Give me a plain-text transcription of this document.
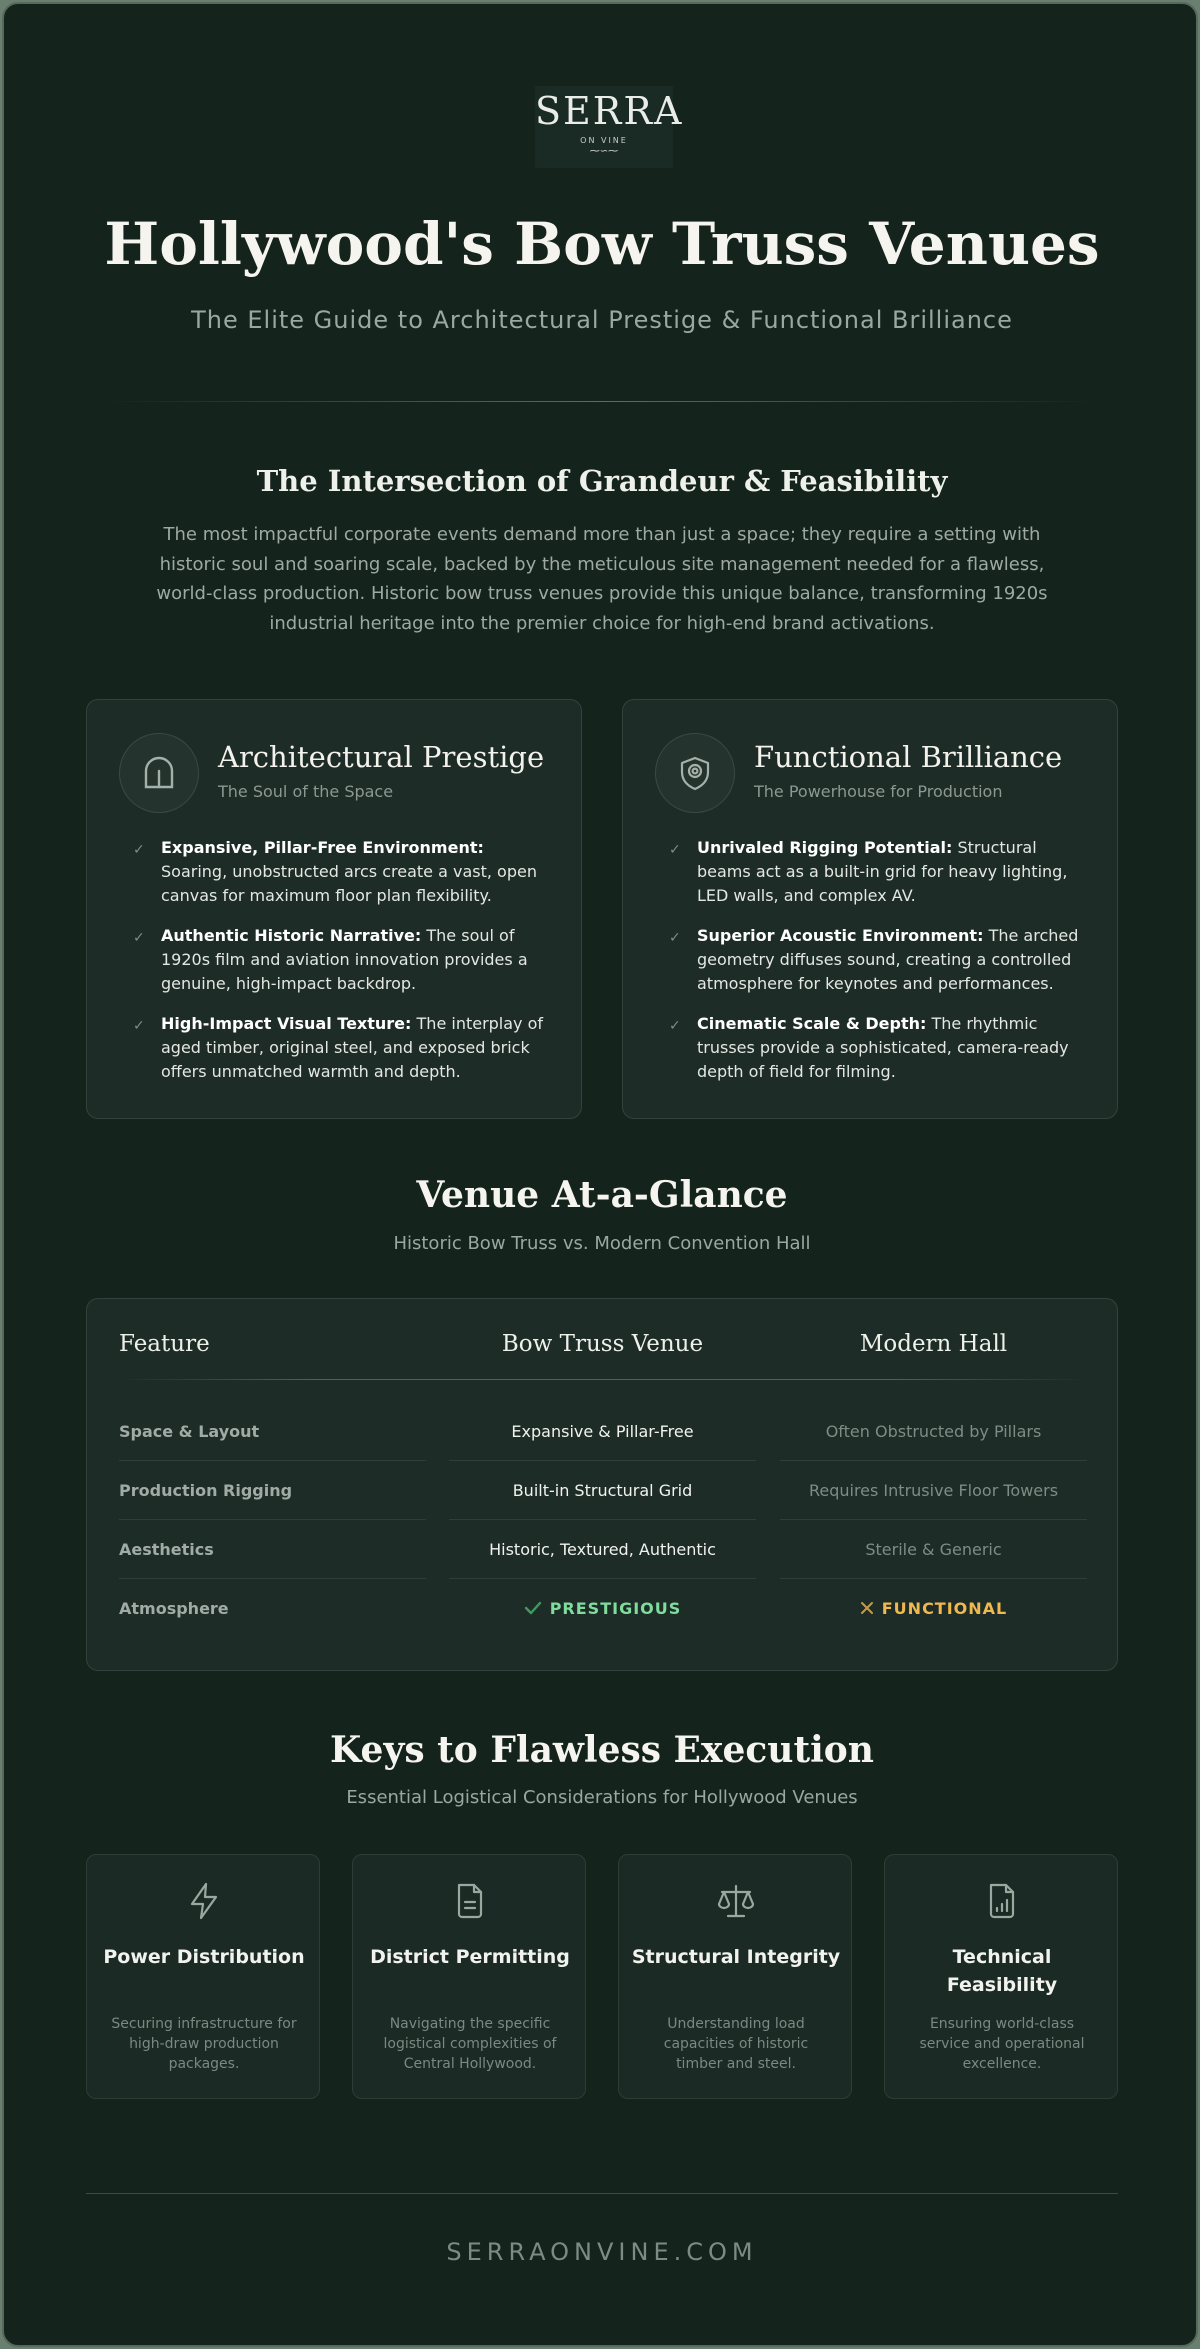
SERRA
ON VINE
⁓∽⁓
Hollywood's Bow Truss Venues
The Elite Guide to Architectural Prestige & Functional Brilliance
The Intersection of Grandeur & Feasibility

The most impactful corporate events demand more than just a space; they require a setting with historic soul and soaring scale, backed by the meticulous site management needed for a flawless, world-class production. Historic bow truss venues provide this unique balance, transforming 1920s industrial heritage into the premier choice for high-end brand activations.

Architectural Prestige
The Soul of the Space
✓ Expansive, Pillar-Free Environment: Soaring, unobstructed arcs create a vast, open canvas for maximum floor plan flexibility.
✓ Authentic Historic Narrative: The soul of 1920s film and aviation innovation provides a genuine, high-impact backdrop.
✓ High-Impact Visual Texture: The interplay of aged timber, original steel, and exposed brick offers unmatched warmth and depth.
Functional Brilliance
The Powerhouse for Production
✓ Unrivaled Rigging Potential: Structural beams act as a built-in grid for heavy lighting, LED walls, and complex AV.
✓ Superior Acoustic Environment: The arched geometry diffuses sound, creating a controlled atmosphere for keynotes and performances.
✓ Cinematic Scale & Depth: The rhythmic trusses provide a sophisticated, camera-ready depth of field for filming.
Venue At-a-Glance
Historic Bow Truss vs. Modern Convention Hall
Feature	Bow Truss Venue	Modern Hall
Space & Layout	Expansive & Pillar-Free	Often Obstructed by Pillars
Production Rigging	Built-in Structural Grid	Requires Intrusive Floor Towers
Aesthetics	Historic, Textured, Authentic	Sterile & Generic
Atmosphere	PRESTIGIOUS	FUNCTIONAL
Keys to Flawless Execution
Essential Logistical Considerations for Hollywood Venues
Power Distribution
Securing infrastructure for high-draw production packages.
District Permitting
Navigating the specific logistical complexities of Central Hollywood.
Structural Integrity
Understanding load capacities of historic timber and steel.
Technical Feasibility
Ensuring world-class service and operational excellence.
SERRAONVINE.COM
